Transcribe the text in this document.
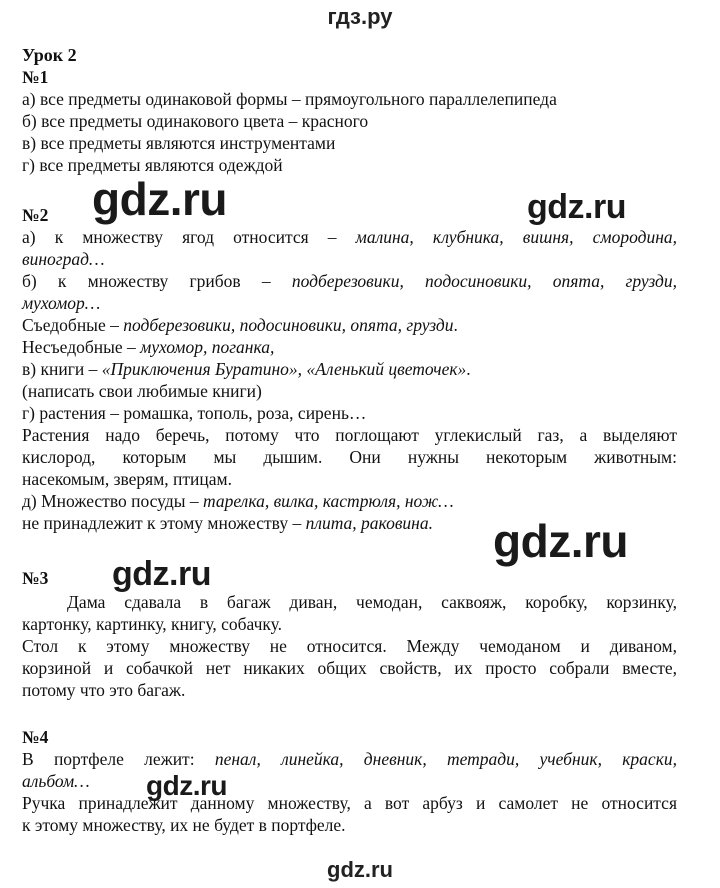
гдз.ру
Урок 2
№1
а) все предметы одинаковой формы – прямоугольного параллелепипеда
б) все предметы одинакового цвета – красного
в) все предметы являются инструментами
г) все предметы являются одеждой
gdz.ru	gdz.ru
№2
а) к множеству ягод относится – малина, клубника, вишня, смородина,
виноград…
б) к множеству грибов – подберезовики, подосиновики, опята, грузди,
мухомор…
Съедобные – подберезовики, подосиновики, опята, грузди.
Несъедобные – мухомор, поганка,
в) книги – «Приключения Буратино», «Аленький цветочек».
(написать свои любимые книги)
г) растения – ромашка, тополь, роза, сирень…
Растения надо беречь, потому что поглощают углекислый газ, а выделяют
кислород, которым мы дышим. Они нужны некоторым животным:
насекомым, зверям, птицам.
д) Множество посуды – тарелка, вилка, кастрюля, нож…
не принадлежит к этому множеству – плита, раковина. gdz.ru
gdz.ru
№3
Дама сдавала в багаж диван, чемодан, саквояж, коробку, корзинку,
картонку, картинку, книгу, собачку.
Стол к этому множеству не относится. Между чемоданом и диваном,
корзиной и собачкой нет никаких общих свойств, их просто собрали вместе,
потому что это багаж.
№4
В портфеле лежит: пенал, линейка, дневник, тетради, учебник, краски,
альбом… gdz.ru
Ручка принадлежит данному множеству, а вот арбуз и самолет не относится
к этому множеству, их не будет в портфеле.
gdz.ru
